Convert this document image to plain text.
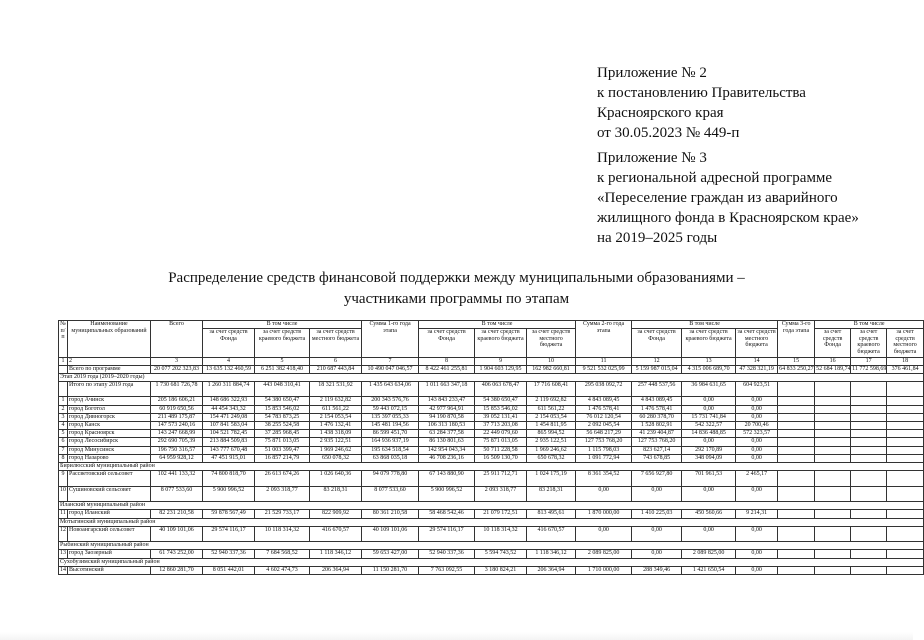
Приложение № 2
к постановлению Правительства
Красноярского края
от 30.05.2023 № 449-п
Приложение № 3
к региональной адресной программе
«Переселение граждан из аварийного
жилищного фонда в Красноярском крае»
на 2019–2025 годы
Распределение средств финансовой поддержки между муниципальными образованиями –
участниками программы по этапам
№ п/п	Наименование муниципальных образований	Всего	В том числе			Сумма 1-го года этапа	В том числе			Сумма 2-го года этапа	В том числе			Сумма 3-го года этапа	В том числе		
			за счет средств Фонда	за счет средств краевого бюджета	за счет средств местного бюджета		за счет средств Фонда	за счет средств краевого бюджета	за счет средств местного бюджета		за счет средств Фонда	за счет средств краевого бюджета	за счет средств местного бюджета		за счет средств Фонда	за счет средств краевого бюджета	за счет средств местного бюджета
1	2	3	4	5	6	7	8	9	10	11	12	13	14	15	16	17	18
	Всего по программе	20 077 202 323,83	13 635 132 460,59	6 251 382 418,40	210 687 443,84	10 490 047 046,57	8 422 461 255,81	1 904 603 129,95	162 982 660,81	9 521 532 025,99	5 159 987 015,04	4 315 006 689,70	47 328 321,19	64 833 250,27	52 684 189,74	11 772 598,69	376 461,84
Этап 2019 года (2019–2020 годы)																	
	Итого по этапу 2019 года	1 730 681 726,78	1 260 311 884,74	443 048 310,41	18 321 531,92	1 435 643 634,06	1 011 663 347,18	406 063 678,47	17 716 608,41	295 038 092,72	257 448 537,56	36 984 631,65	604 923,51				
1	город Ачинск	205 186 606,21	148 686 322,93	54 380 650,47	2 119 632,82	200 343 576,76	143 843 233,47	54 380 650,47	2 119 692,82	4 843 089,45	4 843 089,45	0,00	0,00				
2	город Боготол	60 919 650,56	44 454 343,32	15 853 546,02	611 561,22	59 443 072,15	42 977 964,91	15 853 546,02	611 561,22	1 476 578,41	1 476 578,41	0,00	0,00				
3	город Дивногорск	211 489 175,87	154 471 249,08	54 783 873,25	2 154 053,54	135 397 055,33	94 190 870,58	39 052 131,41	2 154 053,54	76 012 120,54	60 280 378,70	15 731 741,84	0,00				
4	город Канск	147 573 240,16	107 841 583,04	38 255 524,58	1 476 132,41	145 481 194,56	106 313 180,53	37 713 203,08	1 454 811,95	2 092 045,54	1 528 802,91	542 322,57	20 700,46				
5	город Красноярск	143 247 668,99	104 521 782,45	37 285 968,45	1 438 318,09	86 599 451,70	63 284 377,58	22 449 079,60	865 994,52	56 648 217,29	41 239 404,87	14 836 488,85	572 323,57				
6	город Лесосибирск	292 690 705,39	213 884 509,83	75 871 013,05	2 935 122,51	164 936 937,19	86 130 801,63	75 871 013,05	2 935 122,51	127 753 768,20	127 753 768,20	0,00	0,00				
7	город Минусинск	196 750 316,57	143 777 670,48	51 003 399,47	1 969 246,62	195 634 518,54	142 954 043,34	50 711 228,58	1 969 246,62	1 115 798,03	823 627,14	292 170,89	0,00				
8	город Назарово	64 959 928,12	47 451 915,01	16 857 214,79	650 078,32	63 868 035,18	46 708 236,16	16 509 130,70	650 678,32	1 091 772,94	743 678,85	348 094,09	0,00				
Бирилюсский муниципальный район																	
9	Рассветовский сельсовет	102 441 133,32	74 800 818,70	26 613 674,26	1 026 640,36	94 079 778,80	67 143 880,90	25 911 712,71	1 024 175,19	8 361 354,52	7 656 927,80	701 961,53	2 465,17				
10	Сушиновский сельсовет	8 077 533,60	5 900 996,52	2 093 318,77	83 218,31	8 077 533,60	5 900 996,52	2 093 318,77	83 218,31	0,00	0,00	0,00	0,00				
Иланский муниципальный район																	
11	город Иланский	82 231 210,58	59 878 567,49	21 529 733,17	822 909,92	80 361 210,58	58 468 542,46	21 079 172,51	813 495,61	1 870 000,00	1 410 225,03	450 560,66	9 214,31				
Мотыгинский муниципальный район																	
12	Новоангарский сельсовет	40 109 101,06	29 574 116,17	10 118 314,32	416 670,57	40 109 101,06	29 574 116,17	10 118 314,32	416 670,57	0,00	0,00	0,00	0,00				
Рыбинский муниципальный район																	
13	город Заозерный	61 743 252,00	52 940 337,36	7 684 568,52	1 118 346,12	59 653 427,00	52 940 337,36	5 594 743,52	1 118 346,12	2 089 825,00	0,00	2 089 825,00	0,00				
Сухобузимский муниципальный район																	
14	Высотинский	12 860 281,70	8 051 442,01	4 602 474,73	206 364,94	11 150 281,70	7 763 092,55	3 180 824,21	206 364,94	1 710 000,00	288 349,46	1 421 650,54	0,00				
